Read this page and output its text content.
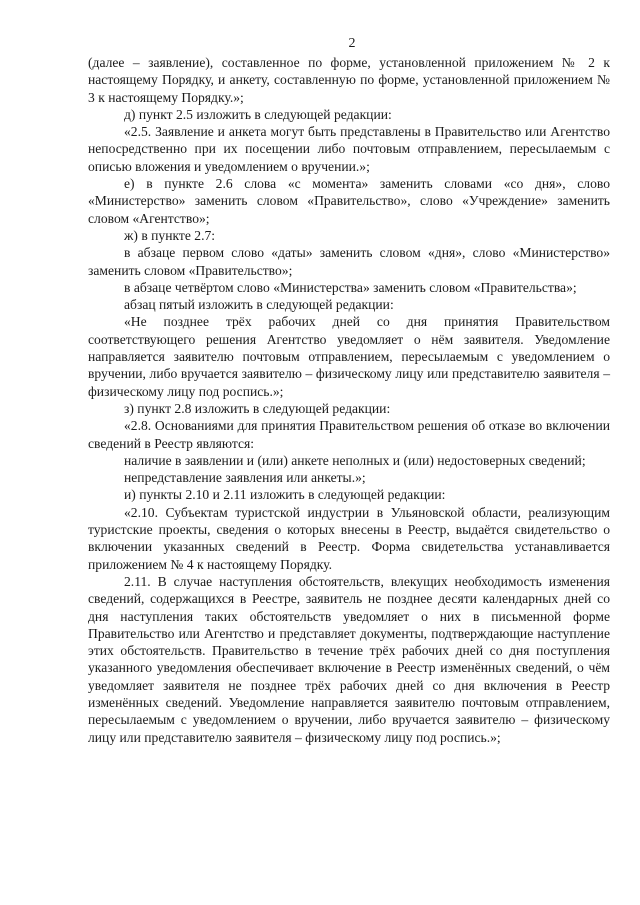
2

(далее – заявление), составленное по форме, установленной приложением № 2 к настоящему Порядку, и анкету, составленную по форме, установленной приложением № 3 к настоящему Порядку.»;

д) пункт 2.5 изложить в следующей редакции:

«2.5. Заявление и анкета могут быть представлены в Правительство или Агентство непосредственно при их посещении либо почтовым отправлением, пересылаемым с описью вложения и уведомлением о вручении.»;

е) в пункте 2.6 слова «с момента» заменить словами «со дня», слово «Министерство» заменить словом «Правительство», слово «Учреждение» заменить словом «Агентство»;

ж) в пункте 2.7:

в абзаце первом слово «даты» заменить словом «дня», слово «Министерство» заменить словом «Правительство»;

в абзаце четвёртом слово «Министерства» заменить словом «Правительства»;

абзац пятый изложить в следующей редакции:

«Не позднее трёх рабочих дней со дня принятия Правительством соответствующего решения Агентство уведомляет о нём заявителя. Уведомление направляется заявителю почтовым отправлением, пересылаемым с уведомлением о вручении, либо вручается заявителю – физическому лицу или представителю заявителя – физическому лицу под роспись.»;

з) пункт 2.8 изложить в следующей редакции:

«2.8. Основаниями для принятия Правительством решения об отказе во включении сведений в Реестр являются:

наличие в заявлении и (или) анкете неполных и (или) недостоверных сведений;

непредставление заявления или анкеты.»;

и) пункты 2.10 и 2.11 изложить в следующей редакции:

«2.10. Субъектам туристской индустрии в Ульяновской области, реализующим туристские проекты, сведения о которых внесены в Реестр, выдаётся свидетельство о включении указанных сведений в Реестр. Форма свидетельства устанавливается приложением № 4 к настоящему Порядку.

2.11. В случае наступления обстоятельств, влекущих необходимость изменения сведений, содержащихся в Реестре, заявитель не позднее десяти календарных дней со дня наступления таких обстоятельств уведомляет о них в письменной форме Правительство или Агентство и представляет документы, подтверждающие наступление этих обстоятельств. Правительство в течение трёх рабочих дней со дня поступления указанного уведомления обеспечивает включение в Реестр изменённых сведений, о чём уведомляет заявителя не позднее трёх рабочих дней со дня включения в Реестр изменённых сведений. Уведомление направляется заявителю почтовым отправлением, пересылаемым с уведомлением о вручении, либо вручается заявителю – физическому лицу или представителю заявителя – физическому лицу под роспись.»;
